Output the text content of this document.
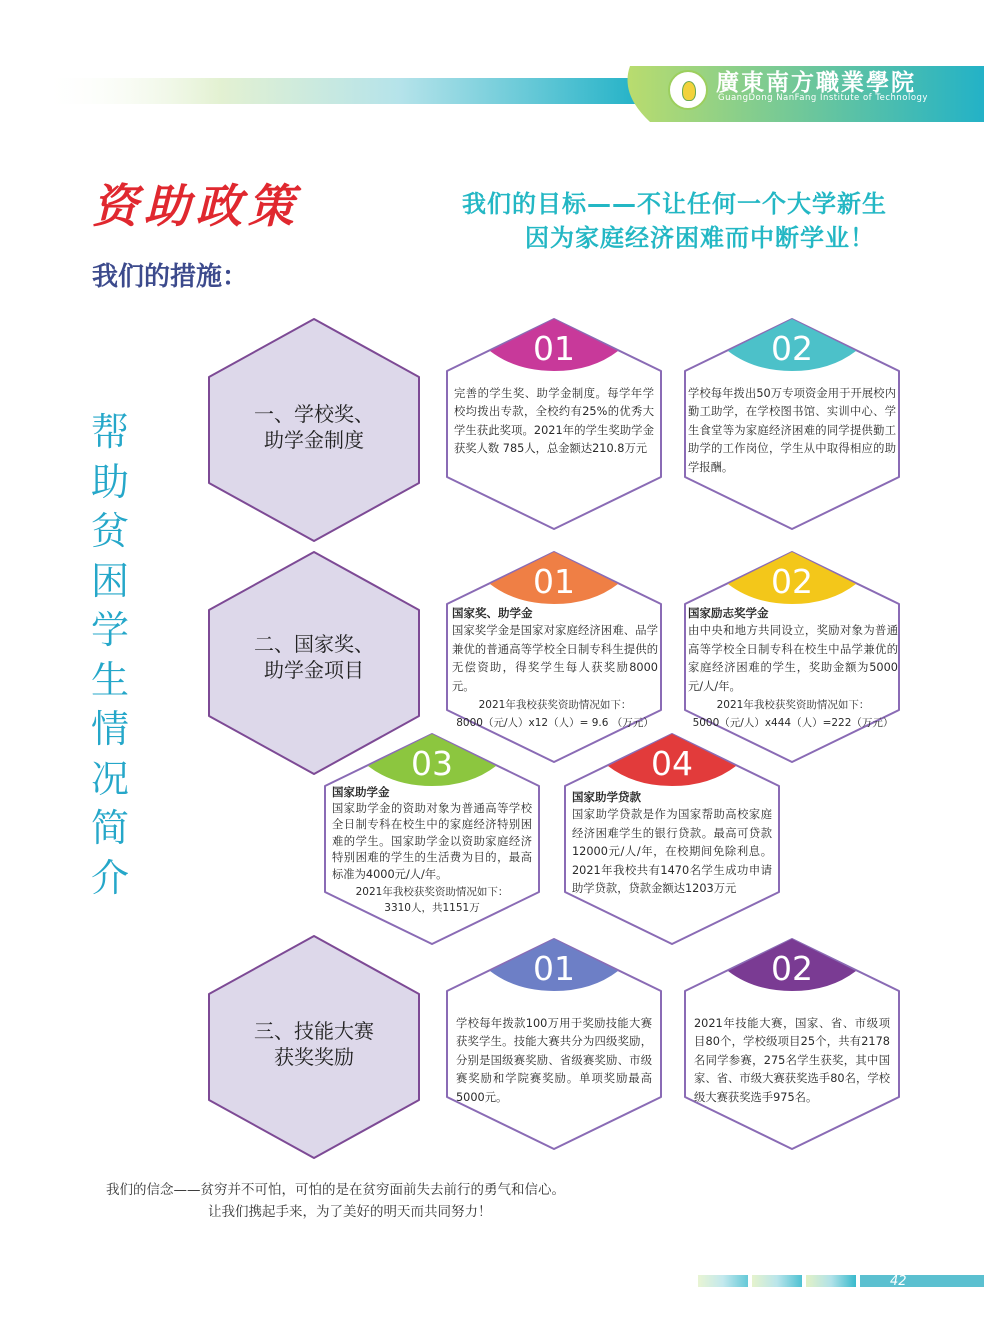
廣東南方職業學院
GuangDong NanFang Institute of Technology
资助政策	我们的目标——不让任何一个大学新生
因为家庭经济困难而中断学业！
我们的措施：
帮助贫困学生情况简介
一、学校奖、
助学金制度
二、国家奖、
助学金项目
三、技能大赛
获奖奖励
01
完善的学生奖、助学金制度。每学年学校均拨出专款，全校约有25%的优秀大学生获此奖项。2021年的学生奖助学金获奖人数 785人，总金额达210.8万元
02
学校每年拨出50万专项资金用于开展校内勤工助学，在学校图书馆、实训中心、学生食堂等为家庭经济困难的同学提供勤工助学的工作岗位，学生从中取得相应的助学报酬。
01
国家奖、助学金
国家奖学金是国家对家庭经济困难、品学兼优的普通高等学校全日制专科生提供的无偿资助，得奖学生每人获奖励8000元。
2021年我校获奖资助情况如下：
8000（元/人）x12（人）= 9.6 （万元）
02
国家励志奖学金
由中央和地方共同设立，奖励对象为普通高等学校全日制专科在校生中品学兼优的家庭经济困难的学生，奖助金额为5000元/人/年。
2021年我校获奖资助情况如下：
5000（元/人）x444（人）=222（万元）
03
国家助学金
国家助学金的资助对象为普通高等学校全日制专科在校生中的家庭经济特别困难的学生。国家助学金以资助家庭经济特别困难的学生的生活费为目的，最高标准为4000元/人/年。
2021年我校获奖资助情况如下：
3310人，共1151万
04
国家助学贷款
国家助学贷款是作为国家帮助高校家庭经济困难学生的银行贷款。最高可贷款12000元/人/年，在校期间免除利息。2021年我校共有1470名学生成功申请助学贷款，贷款金额达1203万元
01
学校每年拨款100万用于奖励技能大赛获奖学生。技能大赛共分为四级奖励，分别是国级赛奖励、省级赛奖励、市级赛奖励和学院赛奖励。单项奖励最高5000元。
02
2021年技能大赛，国家、省、市级项目80个，学校级项目25个，共有2178名同学参赛，275名学生获奖，其中国家、省、市级大赛获奖选手80名，学校级大赛获奖选手975名。
我们的信念——贫穷并不可怕，可怕的是在贫穷面前失去前行的勇气和信心。
让我们携起手来，为了美好的明天而共同努力！
42
